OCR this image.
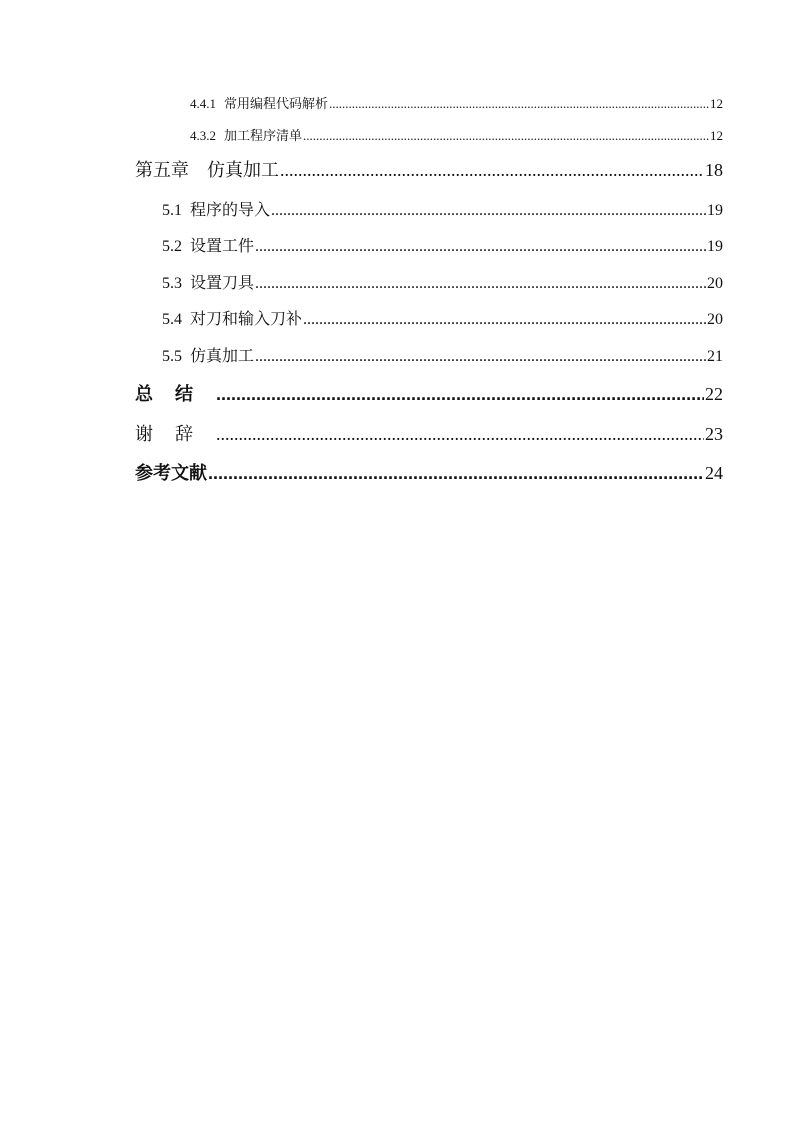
4.4.1 常用编程代码解析 .....	12
4.3.2 加工程序清单 .....	12
第五章 仿真加工 .....	18
5.1 程序的导入 .....	19
5.2 设置工件 .....	19
5.3 设置刀具 .....	20
5.4 对刀和输入刀补 .....	20
5.5 仿真加工 .....	21
总结 .....	22
谢辞 .....	23
参考文献 .....	24
